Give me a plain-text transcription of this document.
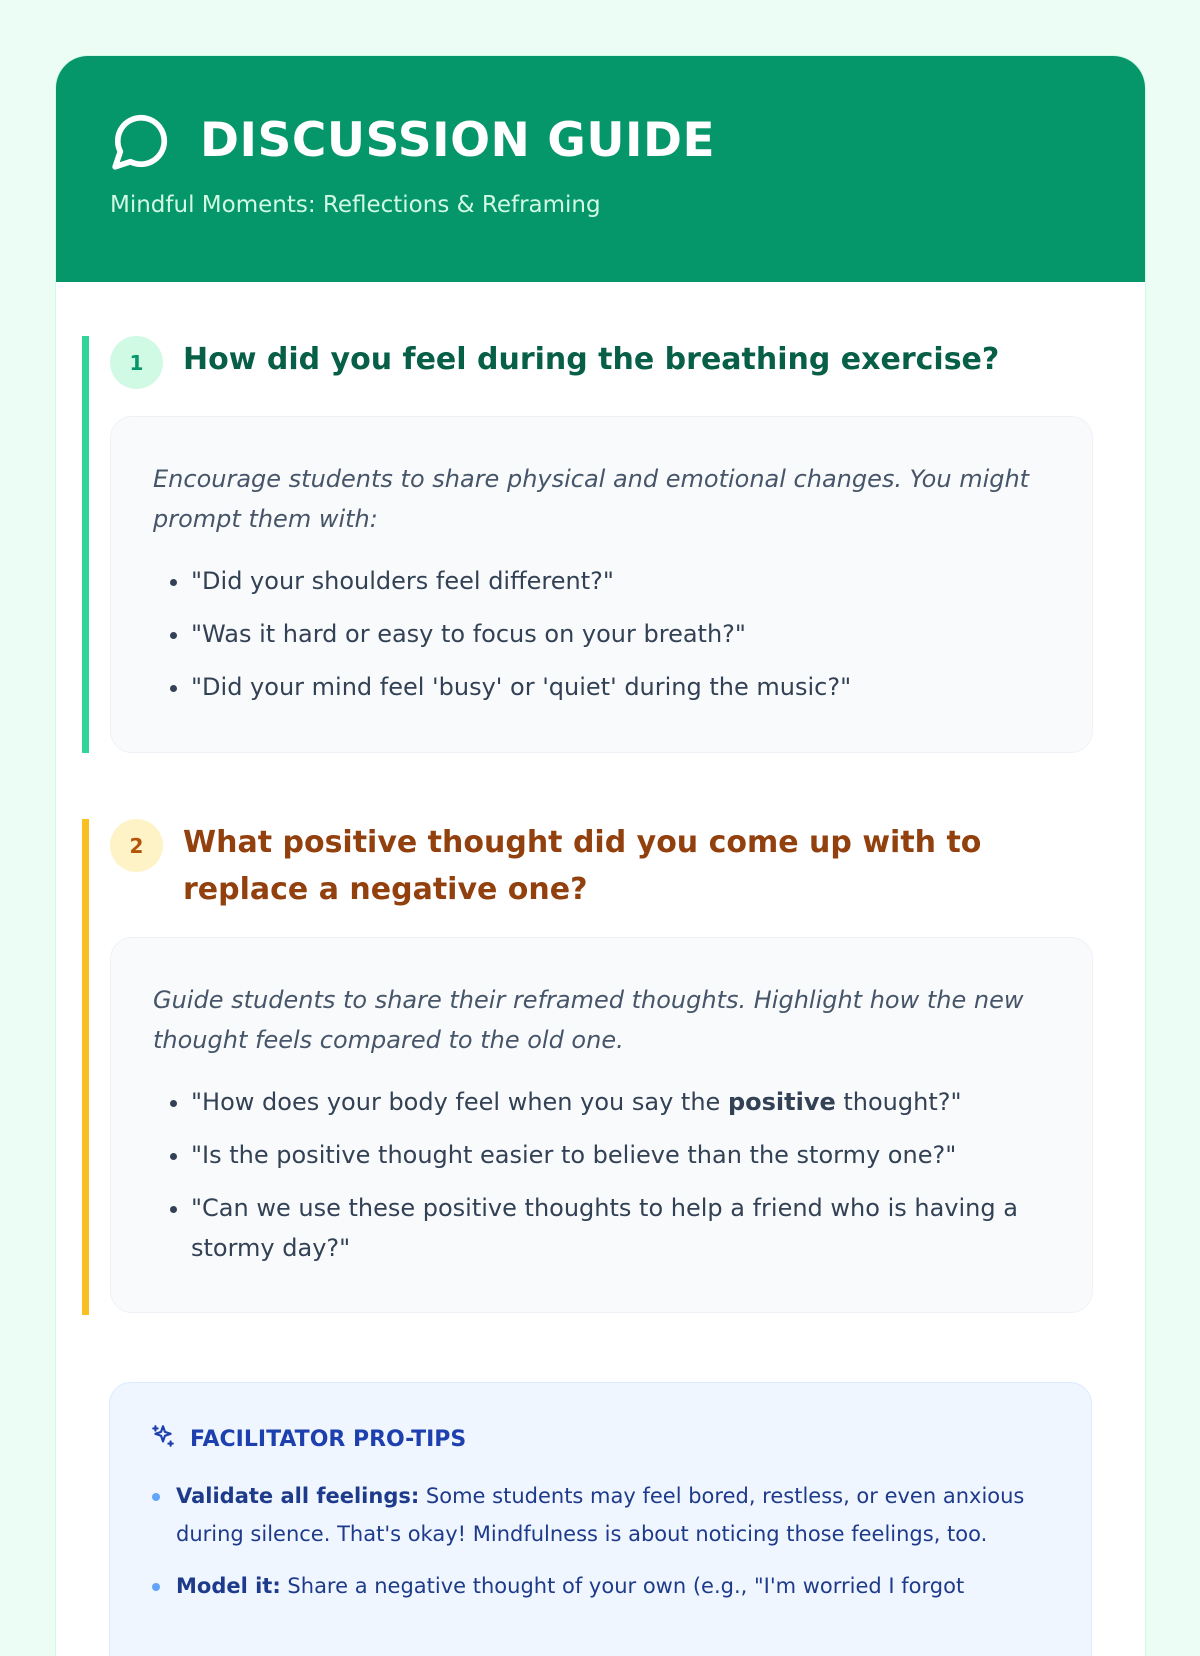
DISCUSSION GUIDE
Mindful Moments: Reflections & Reframing
1	How did you feel during the breathing exercise?

Encourage students to share physical and emotional changes. You might prompt them with:

• "Did your shoulders feel different?"
• "Was it hard or easy to focus on your breath?"
• "Did your mind feel 'busy' or 'quiet' during the music?"
2	What positive thought did you come up with to replace a negative one?

Guide students to share their reframed thoughts. Highlight how the new thought feels compared to the old one.

• "How does your body feel when you say the positive thought?"
• "Is the positive thought easier to believe than the stormy one?"
• "Can we use these positive thoughts to help a friend who is having a stormy day?"
FACILITATOR PRO-TIPS
Validate all feelings: Some students may feel bored, restless, or even anxious during silence. That's okay! Mindfulness is about noticing those feelings, too.
Model it: Share a negative thought of your own (e.g., "I'm worried I forgot
